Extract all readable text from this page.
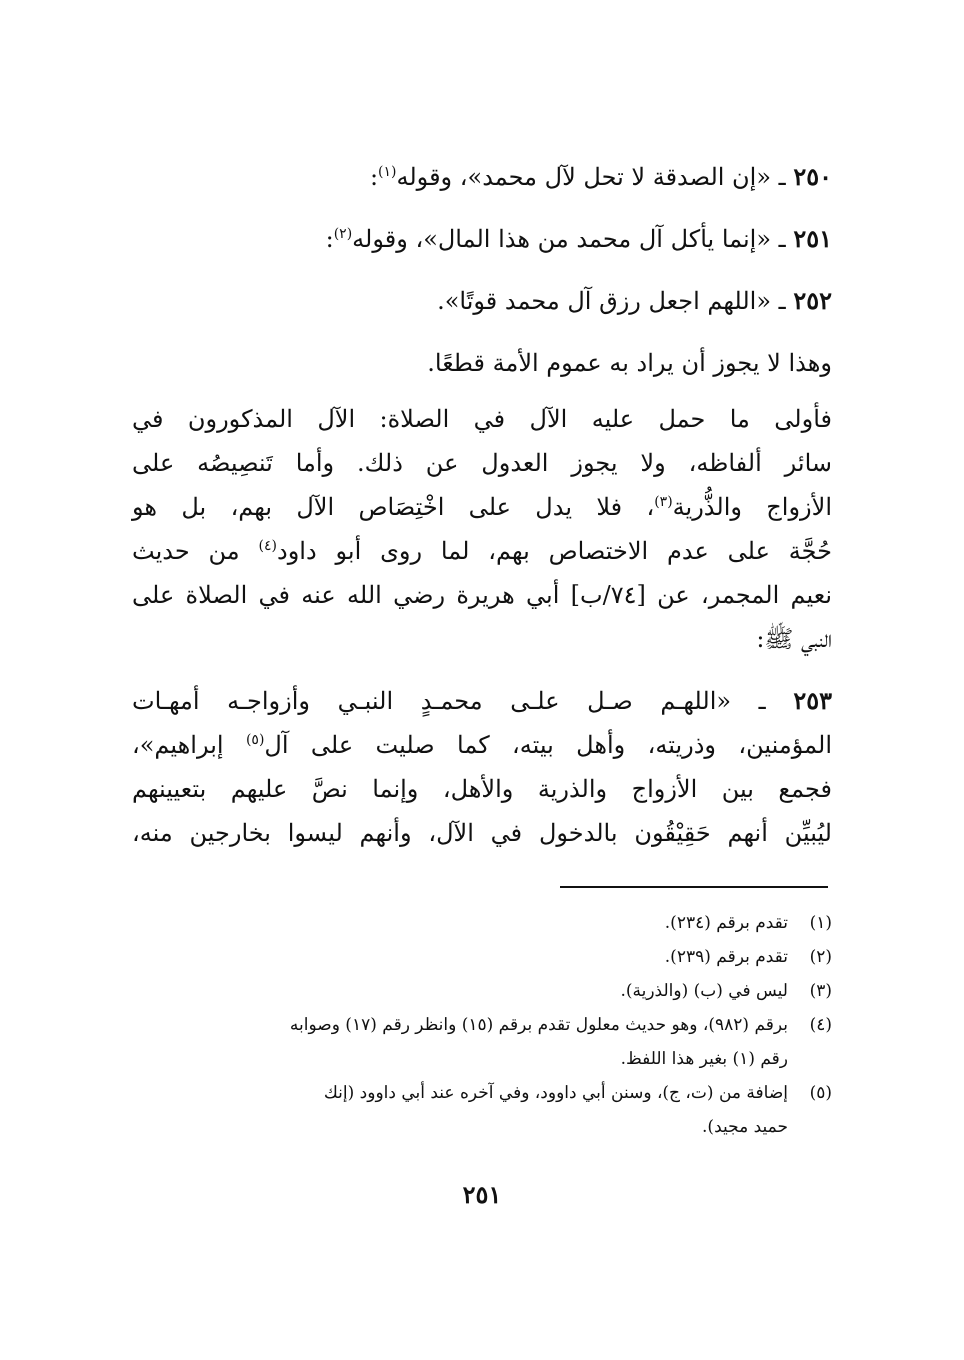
٢٥٠ ـ «إن الصدقة لا تحل لآل محمد»، وقوله$^{(١)}$:
٢٥١ ـ «إنما يأكل آل محمد من هذا المال»، وقوله$^{(٢)}$:
٢٥٢ ـ «اللهم اجعل رزق آل محمد قوتًا».
وهذا لا يجوز أن يراد به عموم الأمة قطعًا.
فأولى ما حمل عليه الآل في الصلاة: الآل المذكورون في
سائر ألفاظه، ولا يجوز العدول عن ذلك. وأما تَنصِيصُه على
الأزواج والذُّرية$^{(٣)}$، فلا يدل على اخْتِصَاص الآل بهم، بل هو
حُجَّة على عدم الاختصاص بهم، لما روى أبو داود$^{(٤)}$ من حديث
نعيم المجمر، عن [٧٤/ب] أبي هريرة رضي الله عنه في الصلاة على
النبي ﷺ:
٢٥٣ ـ «اللهـم صـل علـى محمـدٍ النبـي وأزواجـه أمهـات
المؤمنين، وذريته، وأهل بيته، كما صليت على آل$^{(٥)}$ إبراهيم»،
فجمع بين الأزواج والذرية والأهل، وإنما نصَّ عليهم بتعيينهم
ليُبيِّن أنهم حَقِيْقُون بالدخول في الآل، وأنهم ليسوا بخارجين منه،
(١)تقدم برقم (٢٣٤).
(٢)تقدم برقم (٢٣٩).
(٣)ليس في (ب) (والذرية).
(٤)برقم (٩٨٢)، وهو حديث معلول تقدم برقم (١٥) وانظر رقم (١٧) وصوابه
رقم (١) بغير هذا اللفظ.
(٥)إضافة من (ت، ج)، وسنن أبي داوود، وفي آخره عند أبي داوود (إنك
حميد مجيد).
٢٥١
